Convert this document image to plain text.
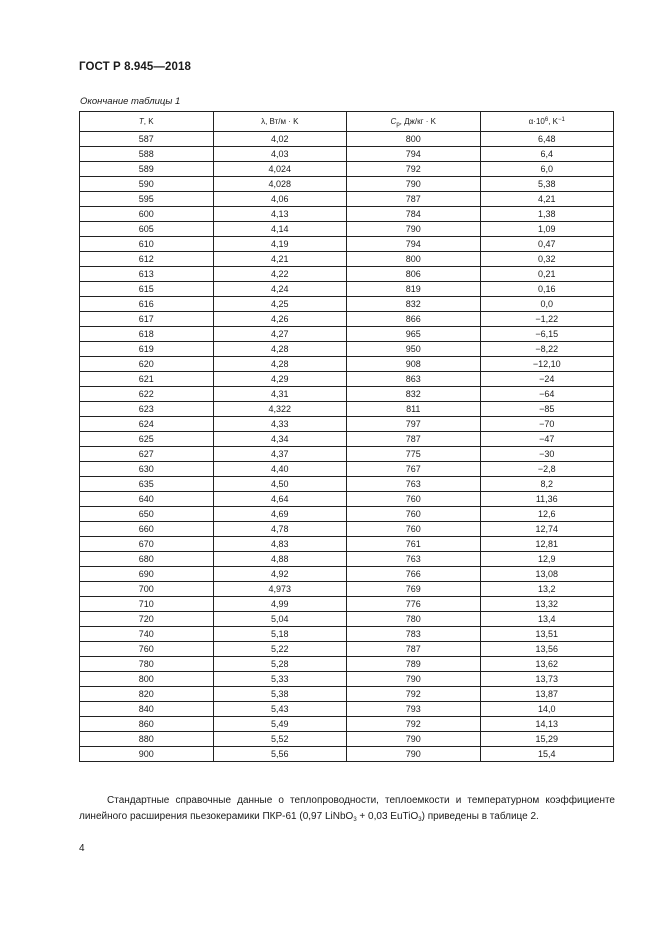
ГОСТ Р 8.945—2018
Окончание таблицы 1
T, K	λ, Вт/м · K	$C_p$, Дж/кг · K	$\alpha\cdot 10^6$, $K^{-1}$
587	4,02	800	6,48
588	4,03	794	6,4
589	4,024	792	6,0
590	4,028	790	5,38
595	4,06	787	4,21
600	4,13	784	1,38
605	4,14	790	1,09
610	4,19	794	0,47
612	4,21	800	0,32
613	4,22	806	0,21
615	4,24	819	0,16
616	4,25	832	0,0
617	4,26	866	−1,22
618	4,27	965	−6,15
619	4,28	950	−8,22
620	4,28	908	−12,10
621	4,29	863	−24
622	4,31	832	−64
623	4,322	811	−85
624	4,33	797	−70
625	4,34	787	−47
627	4,37	775	−30
630	4,40	767	−2,8
635	4,50	763	8,2
640	4,64	760	11,36
650	4,69	760	12,6
660	4,78	760	12,74
670	4,83	761	12,81
680	4,88	763	12,9
690	4,92	766	13,08
700	4,973	769	13,2
710	4,99	776	13,32
720	5,04	780	13,4
740	5,18	783	13,51
760	5,22	787	13,56
780	5,28	789	13,62
800	5,33	790	13,73
820	5,38	792	13,87
840	5,43	793	14,0
860	5,49	792	14,13
880	5,52	790	15,29
900	5,56	790	15,4
Стандартные справочные данные о теплопроводности, теплоемкости и температурном коэффициенте линейного расширения пьезокерамики ПКР-61 (0,97 LiNbO$_3$ + 0,03 EuTiO$_3$) приведены в таблице 2.
4
